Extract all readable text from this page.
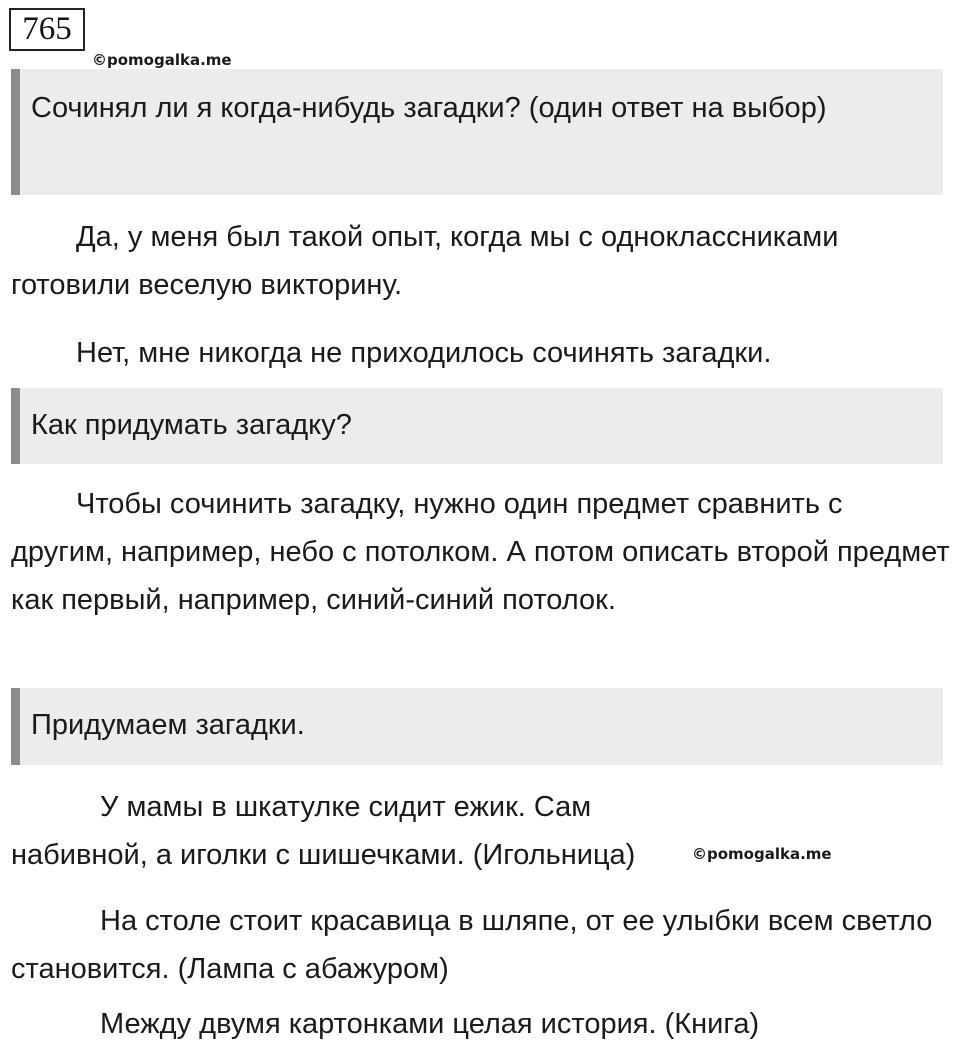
765
©pomogalka.me
Сочинял ли я когда-нибудь загадки? (один ответ на выбор)

Да, у меня был такой опыт, когда мы с одноклассниками готовили веселую викторину.

Нет, мне никогда не приходилось сочинять загадки.

Как придумать загадку?

Чтобы сочинить загадку, нужно один предмет сравнить с другим, например, небо с потолком. А потом описать второй предмет как первый, например, синий-синий потолок.

Придумаем загадки.

У мамы в шкатулке сидит ежик. Сам набивной, а иголки с шишечками. (Игольница)	©pomogalka.me

На столе стоит красавица в шляпе, от ее улыбки всем светло становится. (Лампа с абажуром)

Между двумя картонками целая история. (Книга)
